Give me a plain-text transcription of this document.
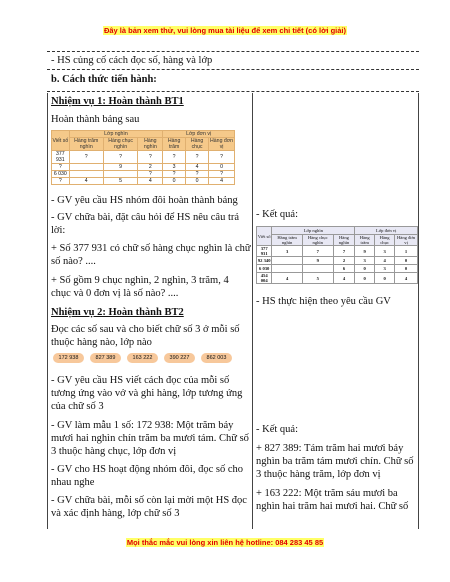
Đây là bản xem thử, vui lòng mua tài liệu để xem chi tiết (có lời giải)
- HS củng cố cách đọc số, hàng và lớp
b. Cách thức tiến hành:
Nhiệm vụ 1: Hoàn thành BT1
Hoàn thành bảng sau
Viết số	Lớp nghìn			Lớp đơn vị		
	Hàng trăm nghìn	Hàng chục nghìn	Hàng nghìn	Hàng trăm	Hàng chục	Hàng đơn vị
377 931	?	?	?	?	?	?
?		9	2	3	4	0
6 030			?	?	?	?
?	4	5	4	0	0	4
- GV yêu cầu HS nhóm đôi hoàn thành bảng
- GV chữa bài, đặt câu hỏi để HS nêu câu trả lời:
+ Số 377 931 có chữ số hàng chục nghìn là chữ số nào? ....
+ Số gồm 9 chục nghìn, 2 nghìn, 3 trăm, 4 chục và 0 đơn vị là số nào? ....
Nhiệm vụ 2: Hoàn thành BT2
Đọc các số sau và cho biết chữ số 3 ở mỗi số thuộc hàng nào, lớp nào
172 938	827 389	163 222	390 227	862 003
- GV yêu cầu HS viết cách đọc của mỗi số tương ứng vào vở và ghi hàng, lớp tương ứng của chữ số 3
- GV làm mẫu 1 số: 172 938: Một trăm bảy mươi hai nghìn chín trăm ba mươi tám. Chữ số 3 thuộc hàng chục, lớp đơn vị
- GV cho HS hoạt động nhóm đôi, đọc số cho nhau nghe
- GV chữa bài, mỗi số còn lại mời một HS đọc và xác định hàng, lớp chữ số 3
- Kết quả:
Viết số	Lớp nghìn			Lớp đơn vị		
	Hàng trăm nghìn	Hàng chục nghìn	Hàng nghìn	Hàng trăm	Hàng chục	Hàng đơn vị
377 931	3	7	7	9	3	1
92 340		9	2	3	4	0
6 030			6	0	3	0
454 004	4	5	4	0	0	4
- HS thực hiện theo yêu cầu GV
- Kết quả:
+ 827 389: Tám trăm hai mươi bảy nghìn ba trăm tám mươi chín. Chữ số 3 thuộc hàng trăm, lớp đơn vị
+ 163 222: Một trăm sáu mươi ba nghìn hai trăm hai mươi hai. Chữ số
Mọi thắc mắc vui lòng xin liên hệ hotline: 084 283 45 85
